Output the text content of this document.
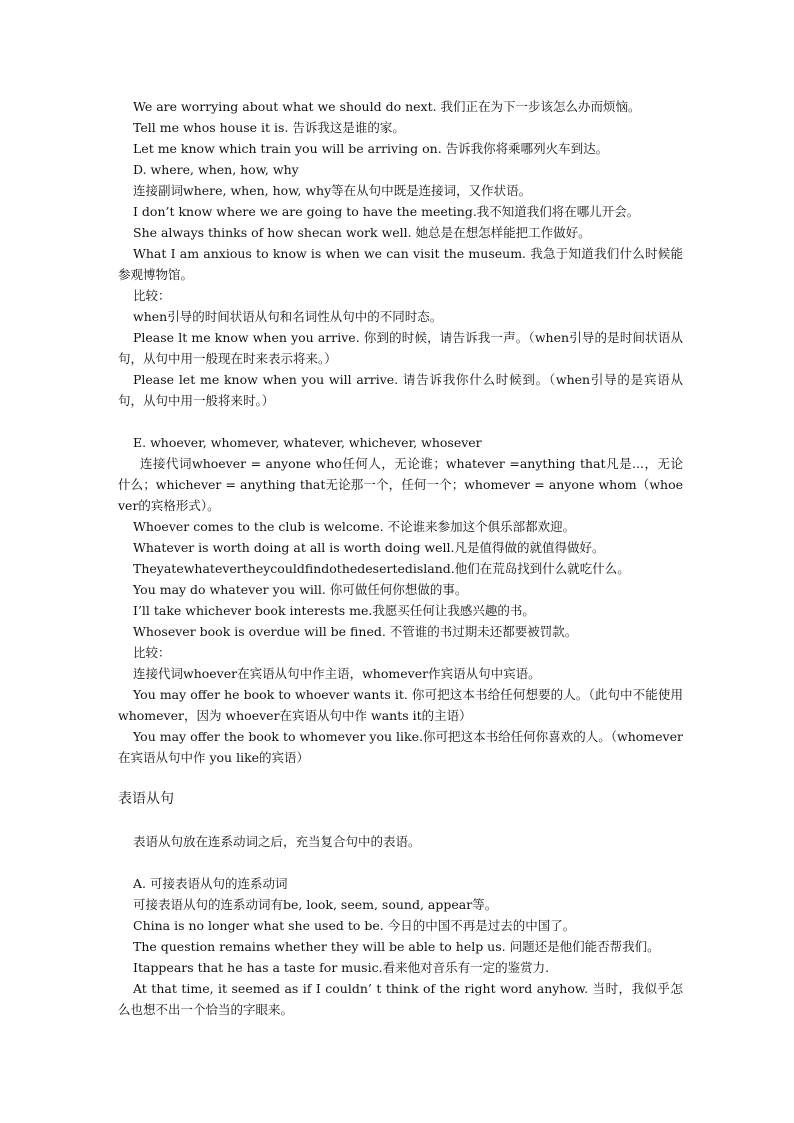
We are worrying about what we should do next. 我们正在为下一步该怎么办而烦恼。

Tell me whos house it is. 告诉我这是谁的家。

Let me know which train you will be arriving on. 告诉我你将乘哪列火车到达。

D. where, when, how, why

连接副词where, when, how, why等在从句中既是连接词，又作状语。

I don’t know where we are going to have the meeting.我不知道我们将在哪儿开会。

She always thinks of how shecan work well. 她总是在想怎样能把工作做好。

What I am anxious to know is when we can visit the museum. 我急于知道我们什么时候能参观博物馆。

比较：

when引导的时间状语从句和名词性从句中的不同时态。

Please lt me know when you arrive. 你到的时候，请告诉我一声。（when引导的是时间状语从句，从句中用一般现在时来表示将来。）

Please let me know when you will arrive. 请告诉我你什么时候到。（when引导的是宾语从句，从句中用一般将来时。）

E. whoever, whomever, whatever, whichever, whosever

连接代词whoever = anyone who任何人，无论谁；whatever =anything that凡是...，无论什么；whichever = anything that无论那一个，任何一个；whomever = anyone whom（whoever的宾格形式）。

Whoever comes to the club is welcome. 不论谁来参加这个俱乐部都欢迎。

Whatever is worth doing at all is worth doing well.凡是值得做的就值得做好。

Theyatewhatevertheycouldfindothedesertedisland.他们在荒岛找到什么就吃什么。

You may do whatever you will. 你可做任何你想做的事。

I’ll take whichever book interests me.我愿买任何让我感兴趣的书。

Whosever book is overdue will be fined. 不管谁的书过期未还都要被罚款。

比较：

连接代词whoever在宾语从句中作主语，whomever作宾语从句中宾语。

You may offer he book to whoever wants it. 你可把这本书给任何想要的人。（此句中不能使用whomever，因为 whoever在宾语从句中作 wants it的主语）

You may offer the book to whomever you like.你可把这本书给任何你喜欢的人。（whomever在宾语从句中作 you like的宾语）

表语从句

表语从句放在连系动词之后，充当复合句中的表语。

A. 可接表语从句的连系动词

可接表语从句的连系动词有be, look, seem, sound, appear等。

China is no longer what she used to be. 今日的中国不再是过去的中国了。

The question remains whether they will be able to help us. 问题还是他们能否帮我们。

Itappears that he has a taste for music.看来他对音乐有一定的鉴赏力.

At that time, it seemed as if I couldn’ t think of the right word anyhow. 当时，我似乎怎么也想不出一个恰当的字眼来。
